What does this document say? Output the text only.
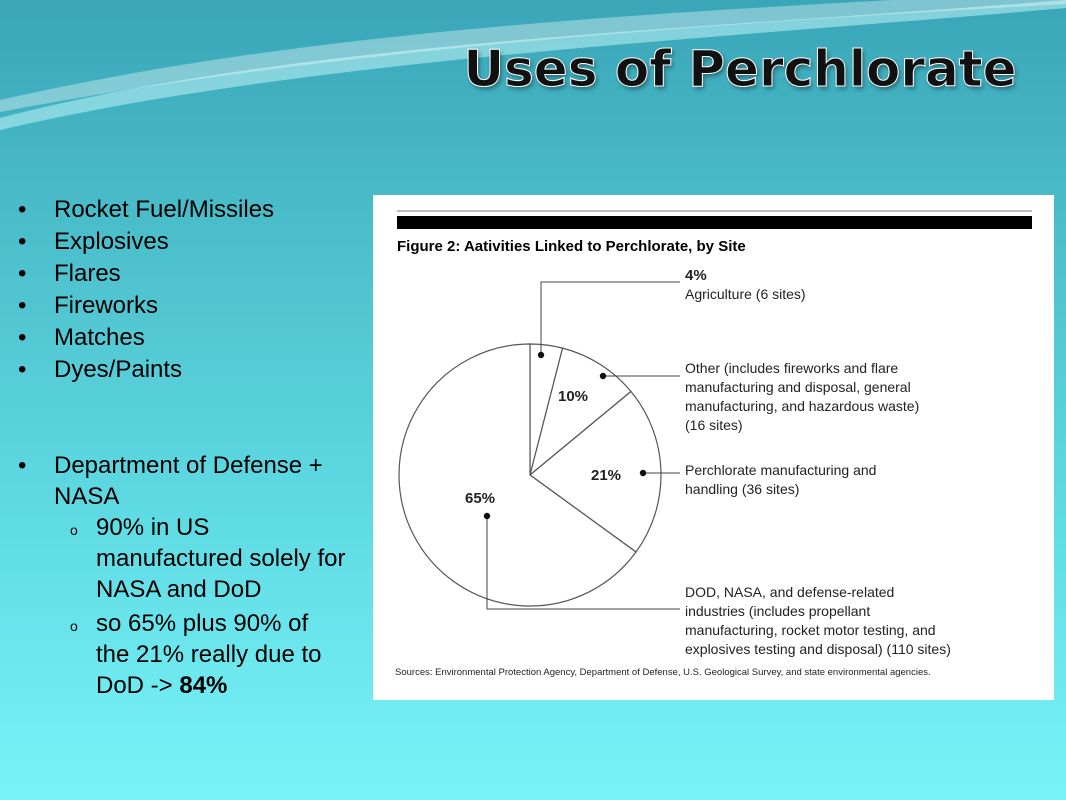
Uses of Perchlorate
•	Rocket Fuel/Missiles
•	Explosives
•	Flares
•	Fireworks
•	Matches
•	Dyes/Paints
•	Department of Defense +
NASA
o 90% in US
manufactured solely for
NASA and DoD
o so 65% plus 90% of
the 21% really due to
DoD -> 84%
Figure 2: Aativities Linked to Perchlorate, by Site
4%
10%
21%
65%
Agriculture (6 sites)
Other (includes fireworks and flare
manufacturing and disposal, general
manufacturing, and hazardous waste)
(16 sites)
Perchlorate manufacturing and
handling (36 sites)
DOD, NASA, and defense-related
industries (includes propellant
manufacturing, rocket motor testing, and
explosives testing and disposal) (110 sites)
Sources: Environmental Protection Agency, Department of Defense, U.S. Geological Survey, and state environmental agencies.
